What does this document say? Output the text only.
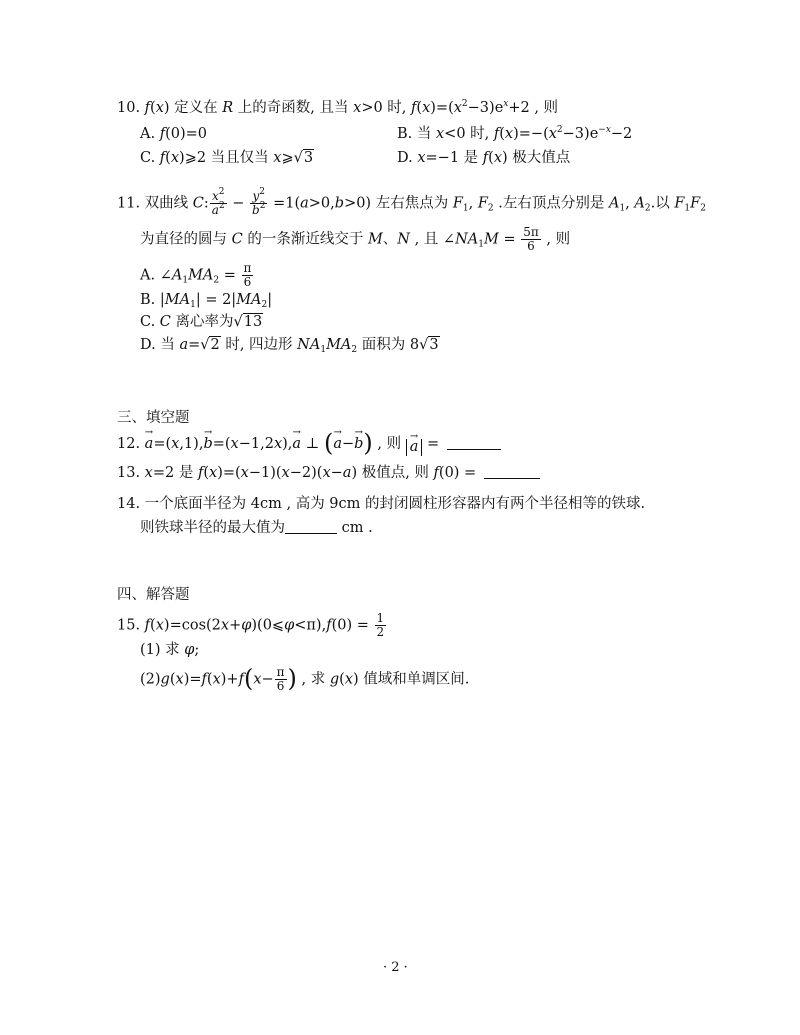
10. f(x) 定义在 R 上的奇函数, 且当 x>0 时, $f(x)=(x^2-3)e^x+2$ , 则
A. f(0)=0	B. 当 x<0 时, $f(x)=-(x^2-3)e^{-x}-2$
C. f(x)⩾2 当且仅当 x⩾√3	D. x=−1 是 f(x) 极大值点
11. 双曲线 C: $\frac{x^2}{a^2} - \frac{y^2}{b^2} =1(a>0,b>0)$ 左右焦点为 $F_1$, $F_2$ .左右顶点分别是 $A_1$, $A_2$.以 $F_1F_2$
为直径的圆与 C 的一条渐近线交于 M、N , 且 $\angle NA_1M = \frac{5\pi}{6}$ , 则
A. $\angle A_1MA_2 = \frac{\pi}{6}$
B. $|MA_1| = 2|MA_2|$
C. C 离心率为√13
D. 当 a=√2 时, 四边形 $NA_1MA_2$ 面积为 8√3
三、填空题
12. → a=(x,1),→ b=(x−1,2x),→ a ⊥ (→ a−→ b) , 则 → a =
13. x=2 是 f(x)=(x−1)(x−2)(x−a) 极值点, 则 f(0) =
14. 一个底面半径为 4cm , 高为 9cm 的封闭圆柱形容器内有两个半径相等的铁球.
则铁球半径的最大值为	cm .
四、解答题
15. f(x)=cos(2x+φ)(0⩽φ<π),f(0) = $\frac{1}{2}$
(1) 求 φ;
$(2)g(x)=f(x)+f(x- \frac{\pi}{6}$ ) , 求 g(x) 值域和单调区间.
· 2 ·
